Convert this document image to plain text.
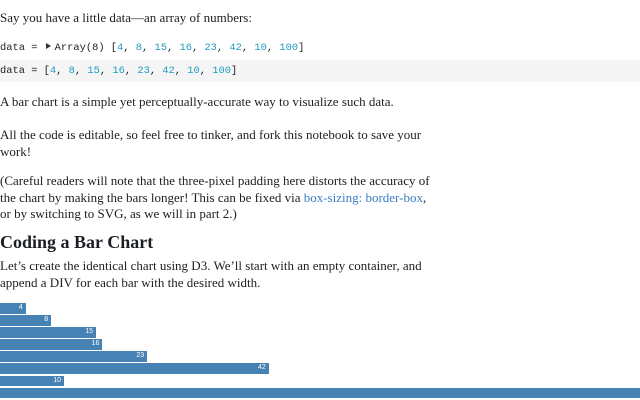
Say you have a little data—an array of numbers:

data = Array(8) [4, 8, 15, 16, 23, 42, 10, 100]
data = [4, 8, 15, 16, 23, 42, 10, 100]

A bar chart is a simple yet perceptually-accurate way to visualize such data.

All the code is editable, so feel free to tinker, and fork this notebook to save your work!

(Careful readers will note that the three-pixel padding here distorts the accuracy of the chart by making the bars longer! This can be fixed via box-sizing: border-box, or by switching to SVG, as we will in part 2.)

Coding a Bar Chart

Let’s create the identical chart using D3. We’ll start with an empty container, and append a DIV for each bar with the desired width.

4
8
15
16
23
42
10
